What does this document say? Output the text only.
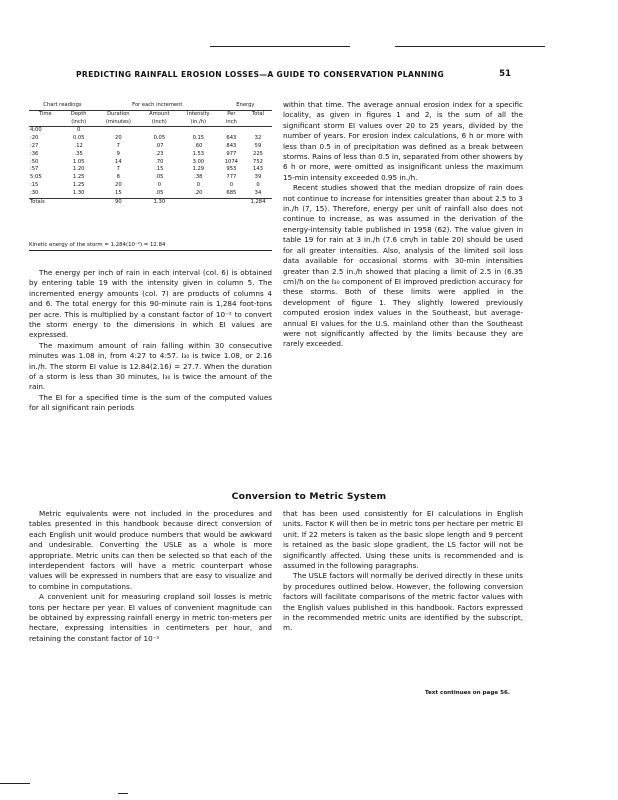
PREDICTING RAINFALL EROSION LOSSES—A GUIDE TO CONSERVATION PLANNING	51
Chart readings		For each increment			Energy	
Time	Depth	Duration	Amount	Intensity	Per	Total
	(inch)	(minutes)	(inch)	(in./h)	inch	
4:00	0					
:20	0.05	20	0.05	0.15	643	32
:27	.12	7	.07	.60	843	59
:36	.35	9	.23	1.53	977	225
:50	1.05	14	.70	3.00	1074	752
:57	1.20	7	.15	1.29	953	143
5:05	1.25	8	.05	.38	777	39
:15	1.25	20	0	0	0	0
:30	1.30	15	.05	.20	685	34
Totals		90	1.30			1,284
Kinetic energy of the storm = 1,284(10⁻²) = 12.84

The energy per inch of rain in each interval (col. 6) is obtained by entering table 19 with the intensity given in column 5. The incremented energy amounts (col. 7) are products of columns 4 and 6. The total energy for this 90-minute rain is 1,284 foot-tons per acre. This is multiplied by a constant factor of 10⁻² to convert the storm energy to the dimensions in which EI values are expressed.

The maximum amount of rain falling within 30 consecutive minutes was 1.08 in, from 4:27 to 4:57. I₃₀ is twice 1.08, or 2.16 in./h. The storm EI value is 12.84(2.16) = 27.7. When the duration of a storm is less than 30 minutes, I₃₀ is twice the amount of the rain.

The EI for a specified time is the sum of the computed values for all significant rain periods

within that time. The average annual erosion index for a specific locality, as given in figures 1 and 2, is the sum of all the significant storm EI values over 20 to 25 years, divided by the number of years. For erosion index calculations, 6 h or more with less than 0.5 in of precipitation was defined as a break between storms. Rains of less than 0.5 in, separated from other showers by 6 h or more, were omitted as insignificant unless the maximum 15-min intensity exceeded 0.95 in./h.

Recent studies showed that the median dropsize of rain does not continue to increase for intensities greater than about 2.5 to 3 in./h (7, 15). Therefore, energy per unit of rainfall also does not continue to increase, as was assumed in the derivation of the energy-intensity table published in 1958 (62). The value given in table 19 for rain at 3 in./h (7.6 cm/h in table 20) should be used for all greater intensities. Also, analysis of the limited soil loss data available for occasional storms with 30-min intensities greater than 2.5 in./h showed that placing a limit of 2.5 in (6.35 cm)/h on the I₃₀ component of EI improved prediction accuracy for these storms. Both of these limits were applied in the development of figure 1. They slightly lowered previously computed erosion index values in the Southeast, but average-annual EI values for the U.S. mainland other than the Southeast were not significantly affected by the limits because they are rarely exceeded.

Conversion to Metric System

Metric equivalents were not included in the procedures and tables presented in this handbook because direct conversion of each English unit would produce numbers that would be awkward and undesirable. Converting the USLE as a whole is more appropriate. Metric units can then be selected so that each of the interdependent factors will have a metric counterpart whose values will be expressed in numbers that are easy to visualize and to combine in computations.

A convenient unit for measuring cropland soil losses is metric tons per hectare per year. EI values of convenient magnitude can be obtained by expressing rainfall energy in metric ton-meters per hectare, expressing intensities in centimeters per hour, and retaining the constant factor of 10⁻²

that has been used consistently for EI calculations in English units. Factor K will then be in metric tons per hectare per metric EI unit. If 22 meters is taken as the basic slope length and 9 percent is retained as the basic slope gradient, the LS factor will not be significantly affected. Using these units is recommended and is assumed in the following paragraphs.

The USLE factors will normally be derived directly in these units by procedures outlined below. However, the following conversion factors will facilitate comparisons of the metric factor values with the English values published in this handbook. Factors expressed in the recommended metric units are identified by the subscript, m.

Text continues on page 56.
